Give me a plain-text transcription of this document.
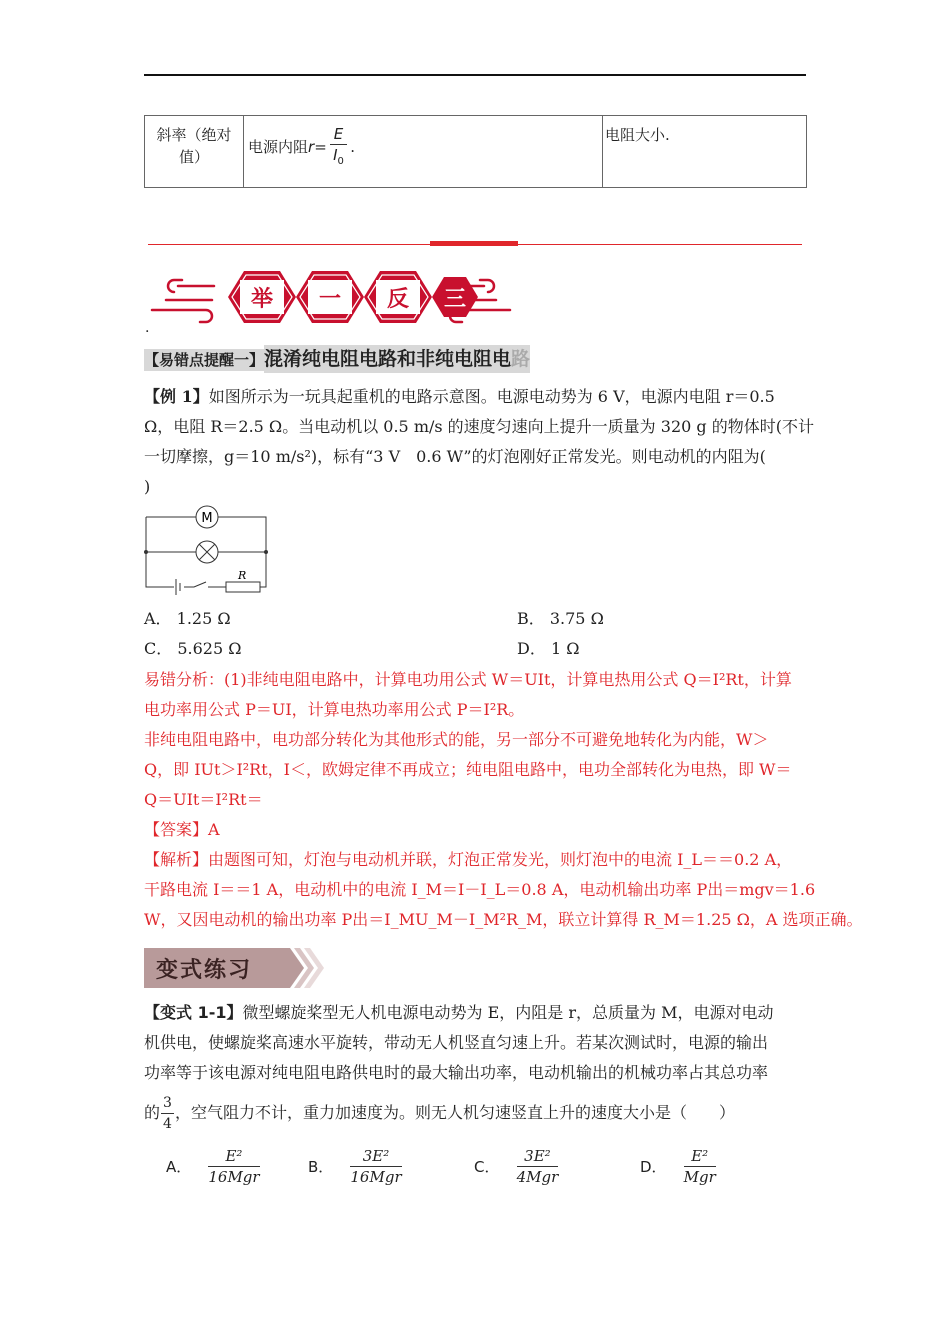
斜率（绝对值）	电源内阻$r= \frac{E}{I_0}$ .	电阻大小.
举 一 反 三
.
【易错点提醒一】混淆纯电阻电路和非纯电阻电路
【例 1】如图所示为一玩具起重机的电路示意图。电源电动势为 6 V，电源内电阻 r＝0.5
Ω，电阻 R＝2.5 Ω。当电动机以 0.5 m/s 的速度匀速向上提升一质量为 320 g 的物体时(不计
一切摩擦，g＝10 m/s²)，标有“3 V　0.6 W”的灯泡刚好正常发光。则电动机的内阻为(
)
M
R
A． 1.25 Ω	B． 3.75 Ω
C． 5.625 Ω	D． 1 Ω
易错分析：(1)非纯电阻电路中，计算电功用公式 W＝UIt，计算电热用公式 Q＝I²Rt，计算
电功率用公式 P＝UI，计算电热功率用公式 P＝I²R。
非纯电阻电路中，电功部分转化为其他形式的能，另一部分不可避免地转化为内能，W＞
Q，即 IUt＞I²Rt，I＜，欧姆定律不再成立；纯电阻电路中，电功全部转化为电热，即 W＝
Q＝UIt＝I²Rt＝
【答案】A
【解析】由题图可知，灯泡与电动机并联，灯泡正常发光，则灯泡中的电流 I_L＝＝0.2 A，
干路电流 I＝＝1 A，电动机中的电流 I_M＝I－I_L＝0.8 A，电动机输出功率 P出＝mgv＝1.6
W，又因电动机的输出功率 P出＝I_MU_M－I_M²R_M，联立计算得 R_M＝1.25 Ω，A 选项正确。
变式练习
【变式 1-1】微型螺旋桨型无人机电源电动势为 E，内阻是 r，总质量为 M，电源对电动
机供电，使螺旋桨高速水平旋转，带动无人机竖直匀速上升。若某次测试时，电源的输出
功率等于该电源对纯电阻电路供电时的最大输出功率，电动机输出的机械功率占其总功率
的 $\frac{3}{4}$ ，空气阻力不计，重力加速度为。则无人机匀速竖直上升的速度大小是（　　）
A． $\frac{\text{E²}}{\text{16Mgr}}$	B． $\frac{\text{3E²}}{\text{16Mgr}}$	C． $\frac{\text{3E²}}{\text{4Mgr}}$	D． $\frac{\text{E²}}{\text{Mgr}}$
